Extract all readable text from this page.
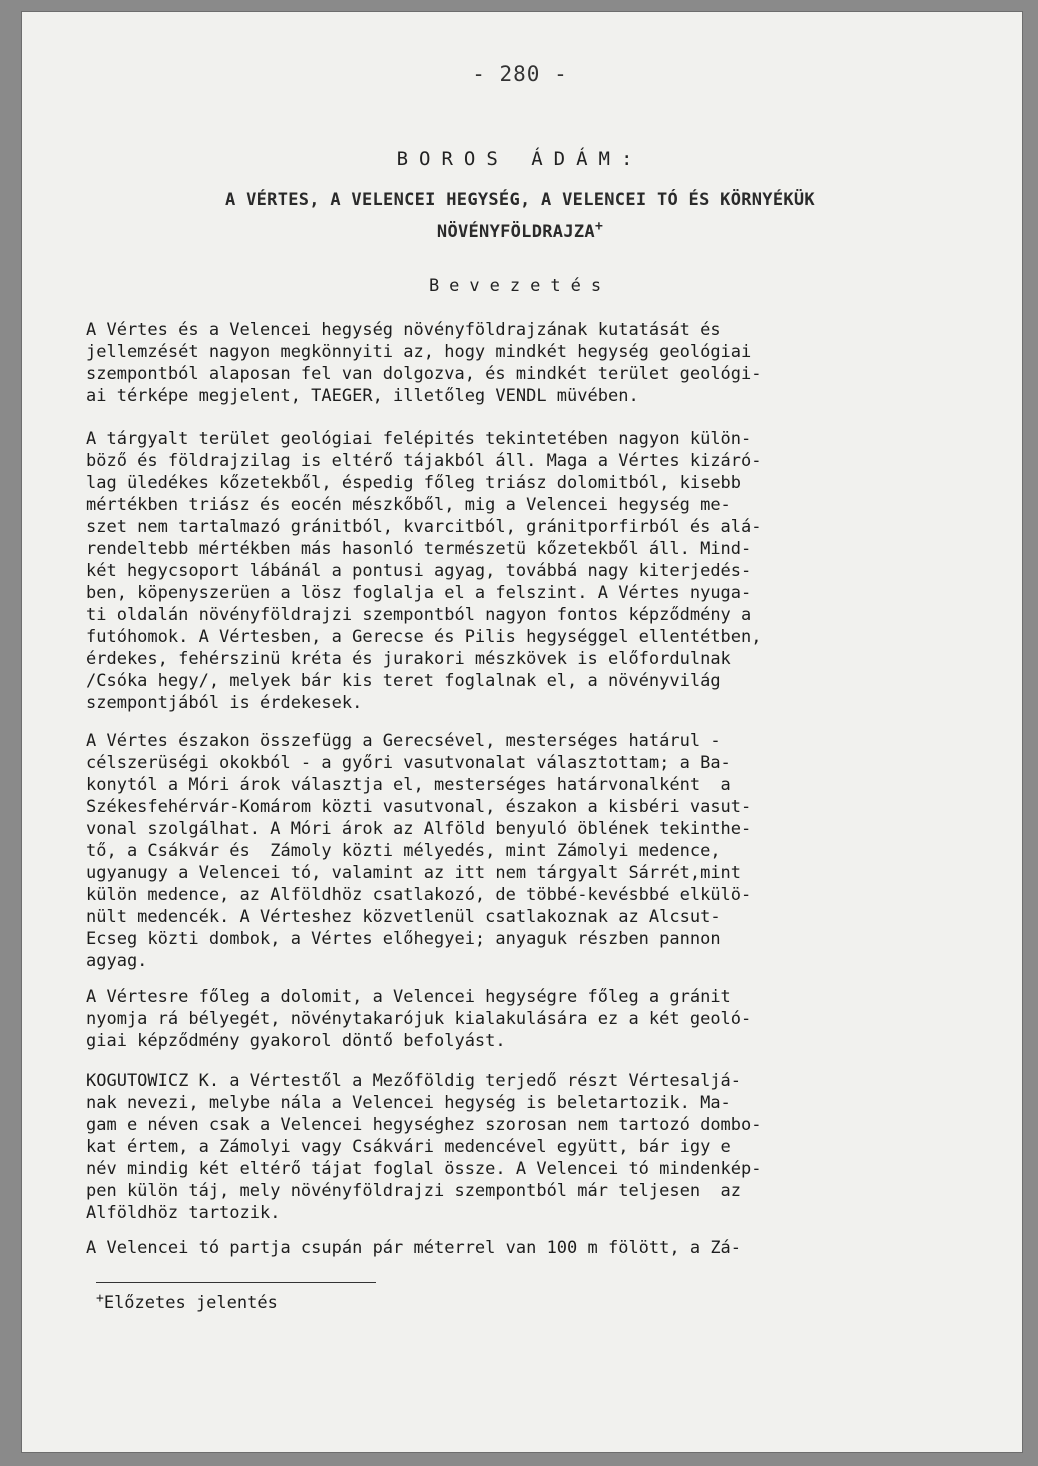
- 280 -
BOROS ÁDÁM:
A VÉRTES, A VELENCEI HEGYSÉG, A VELENCEI TÓ ÉS KÖRNYÉKÜK
NÖVÉNYFÖLDRAJZA+
Bevezetés
A Vértes és a Velencei hegység növényföldrajzának kutatását és
jellemzését nagyon megkönnyiti az, hogy mindkét hegység geológiai
szempontból alaposan fel van dolgozva, és mindkét terület geológi-
ai térképe megjelent, TAEGER, illetőleg VENDL müvében.
A tárgyalt terület geológiai felépités tekintetében nagyon külön-
böző és földrajzilag is eltérő tájakból áll. Maga a Vértes kizáró-
lag üledékes kőzetekből, éspedig főleg triász dolomitból, kisebb
mértékben triász és eocén mészkőből, mig a Velencei hegység me-
szet nem tartalmazó gránitból, kvarcitból, gránitporfirból és alá-
rendeltebb mértékben más hasonló természetü kőzetekből áll. Mind-
két hegycsoport lábánál a pontusi agyag, továbbá nagy kiterjedés-
ben, köpenyszerüen a lösz foglalja el a felszint. A Vértes nyuga-
ti oldalán növényföldrajzi szempontból nagyon fontos képződmény a
futóhomok. A Vértesben, a Gerecse és Pilis hegységgel ellentétben,
érdekes, fehérszinü kréta és jurakori mészkövek is előfordulnak
/Csóka hegy/, melyek bár kis teret foglalnak el, a növényvilág
szempontjából is érdekesek.
A Vértes északon összefügg a Gerecsével, mesterséges határul -
célszerüségi okokból - a győri vasutvonalat választottam; a Ba-
konytól a Móri árok választja el, mesterséges határvonalként  a
Székesfehérvár-Komárom közti vasutvonal, északon a kisbéri vasut-
vonal szolgálhat. A Móri árok az Alföld benyuló öblének tekinthe-
tő, a Csákvár és  Zámoly közti mélyedés, mint Zámolyi medence,
ugyanugy a Velencei tó, valamint az itt nem tárgyalt Sárrét,mint
külön medence, az Alföldhöz csatlakozó, de többé-kevésbbé elkülö-
nült medencék. A Vérteshez közvetlenül csatlakoznak az Alcsut-
Ecseg közti dombok, a Vértes előhegyei; anyaguk részben pannon
agyag.
A Vértesre főleg a dolomit, a Velencei hegységre főleg a gránit
nyomja rá bélyegét, növénytakarójuk kialakulására ez a két geoló-
giai képződmény gyakorol döntő befolyást.
KOGUTOWICZ K. a Vértestől a Mezőföldig terjedő részt Vértesaljá-
nak nevezi, melybe nála a Velencei hegység is beletartozik. Ma-
gam e néven csak a Velencei hegységhez szorosan nem tartozó dombo-
kat értem, a Zámolyi vagy Csákvári medencével együtt, bár igy e
név mindig két eltérő tájat foglal össze. A Velencei tó mindenkép-
pen külön táj, mely növényföldrajzi szempontból már teljesen  az
Alföldhöz tartozik.
A Velencei tó partja csupán pár méterrel van 100 m fölött, a Zá-
+Előzetes jelentés
